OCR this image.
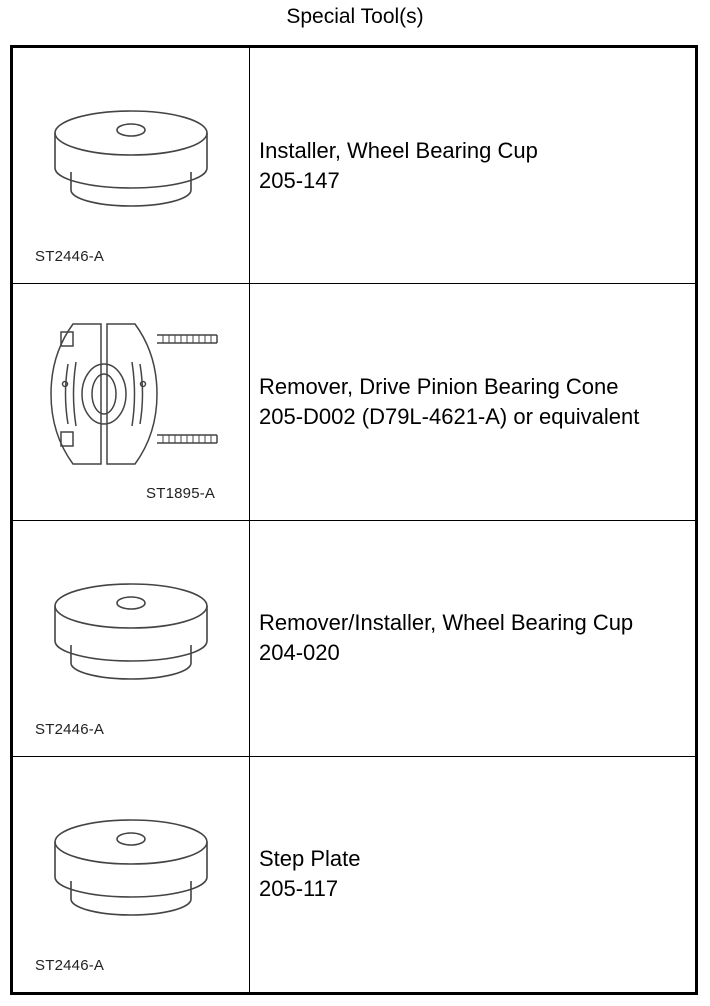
Special Tool(s)
ST2446-A
Installer, Wheel Bearing Cup
205-147
ST1895-A
Remover, Drive Pinion Bearing Cone
205-D002 (D79L-4621-A) or equivalent
ST2446-A
Remover/Installer, Wheel Bearing Cup
204-020
ST2446-A
Step Plate
205-117
